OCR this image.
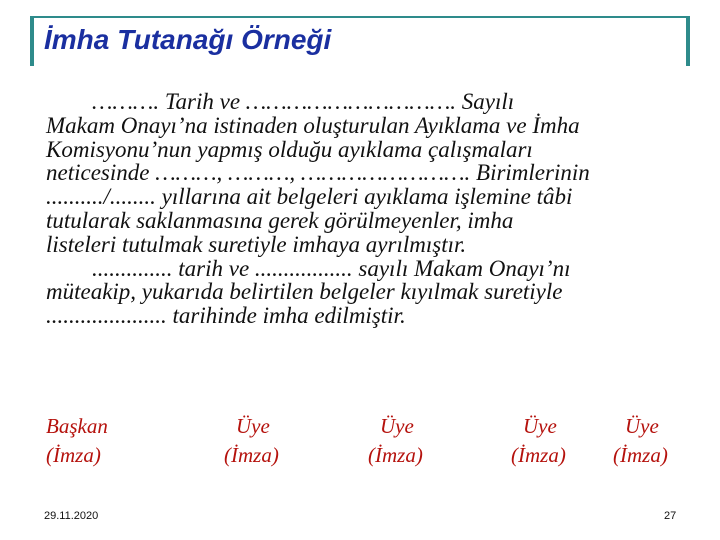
İmha Tutanağı Örneği
………. Tarih ve …………………………. Sayılı
Makam Onayı’na istinaden oluşturulan Ayıklama ve İmha
Komisyonu’nun yapmış olduğu ayıklama çalışmaları
neticesinde ………, ………, ……………………. Birimlerinin
........../........ yıllarına ait belgeleri ayıklama işlemine tâbi
tutularak saklanmasına gerek görülmeyenler, imha
listeleri tutulmak suretiyle imhaya ayrılmıştır.
.............. tarih ve ................. sayılı Makam Onayı’nı
müteakip, yukarıda belirtilen belgeler kıyılmak suretiyle
..................... tarihinde imha edilmiştir.
Başkan
(İmza)
Üye
(İmza)
Üye
(İmza)
Üye
(İmza)
Üye
(İmza)
29.11.2020	27
